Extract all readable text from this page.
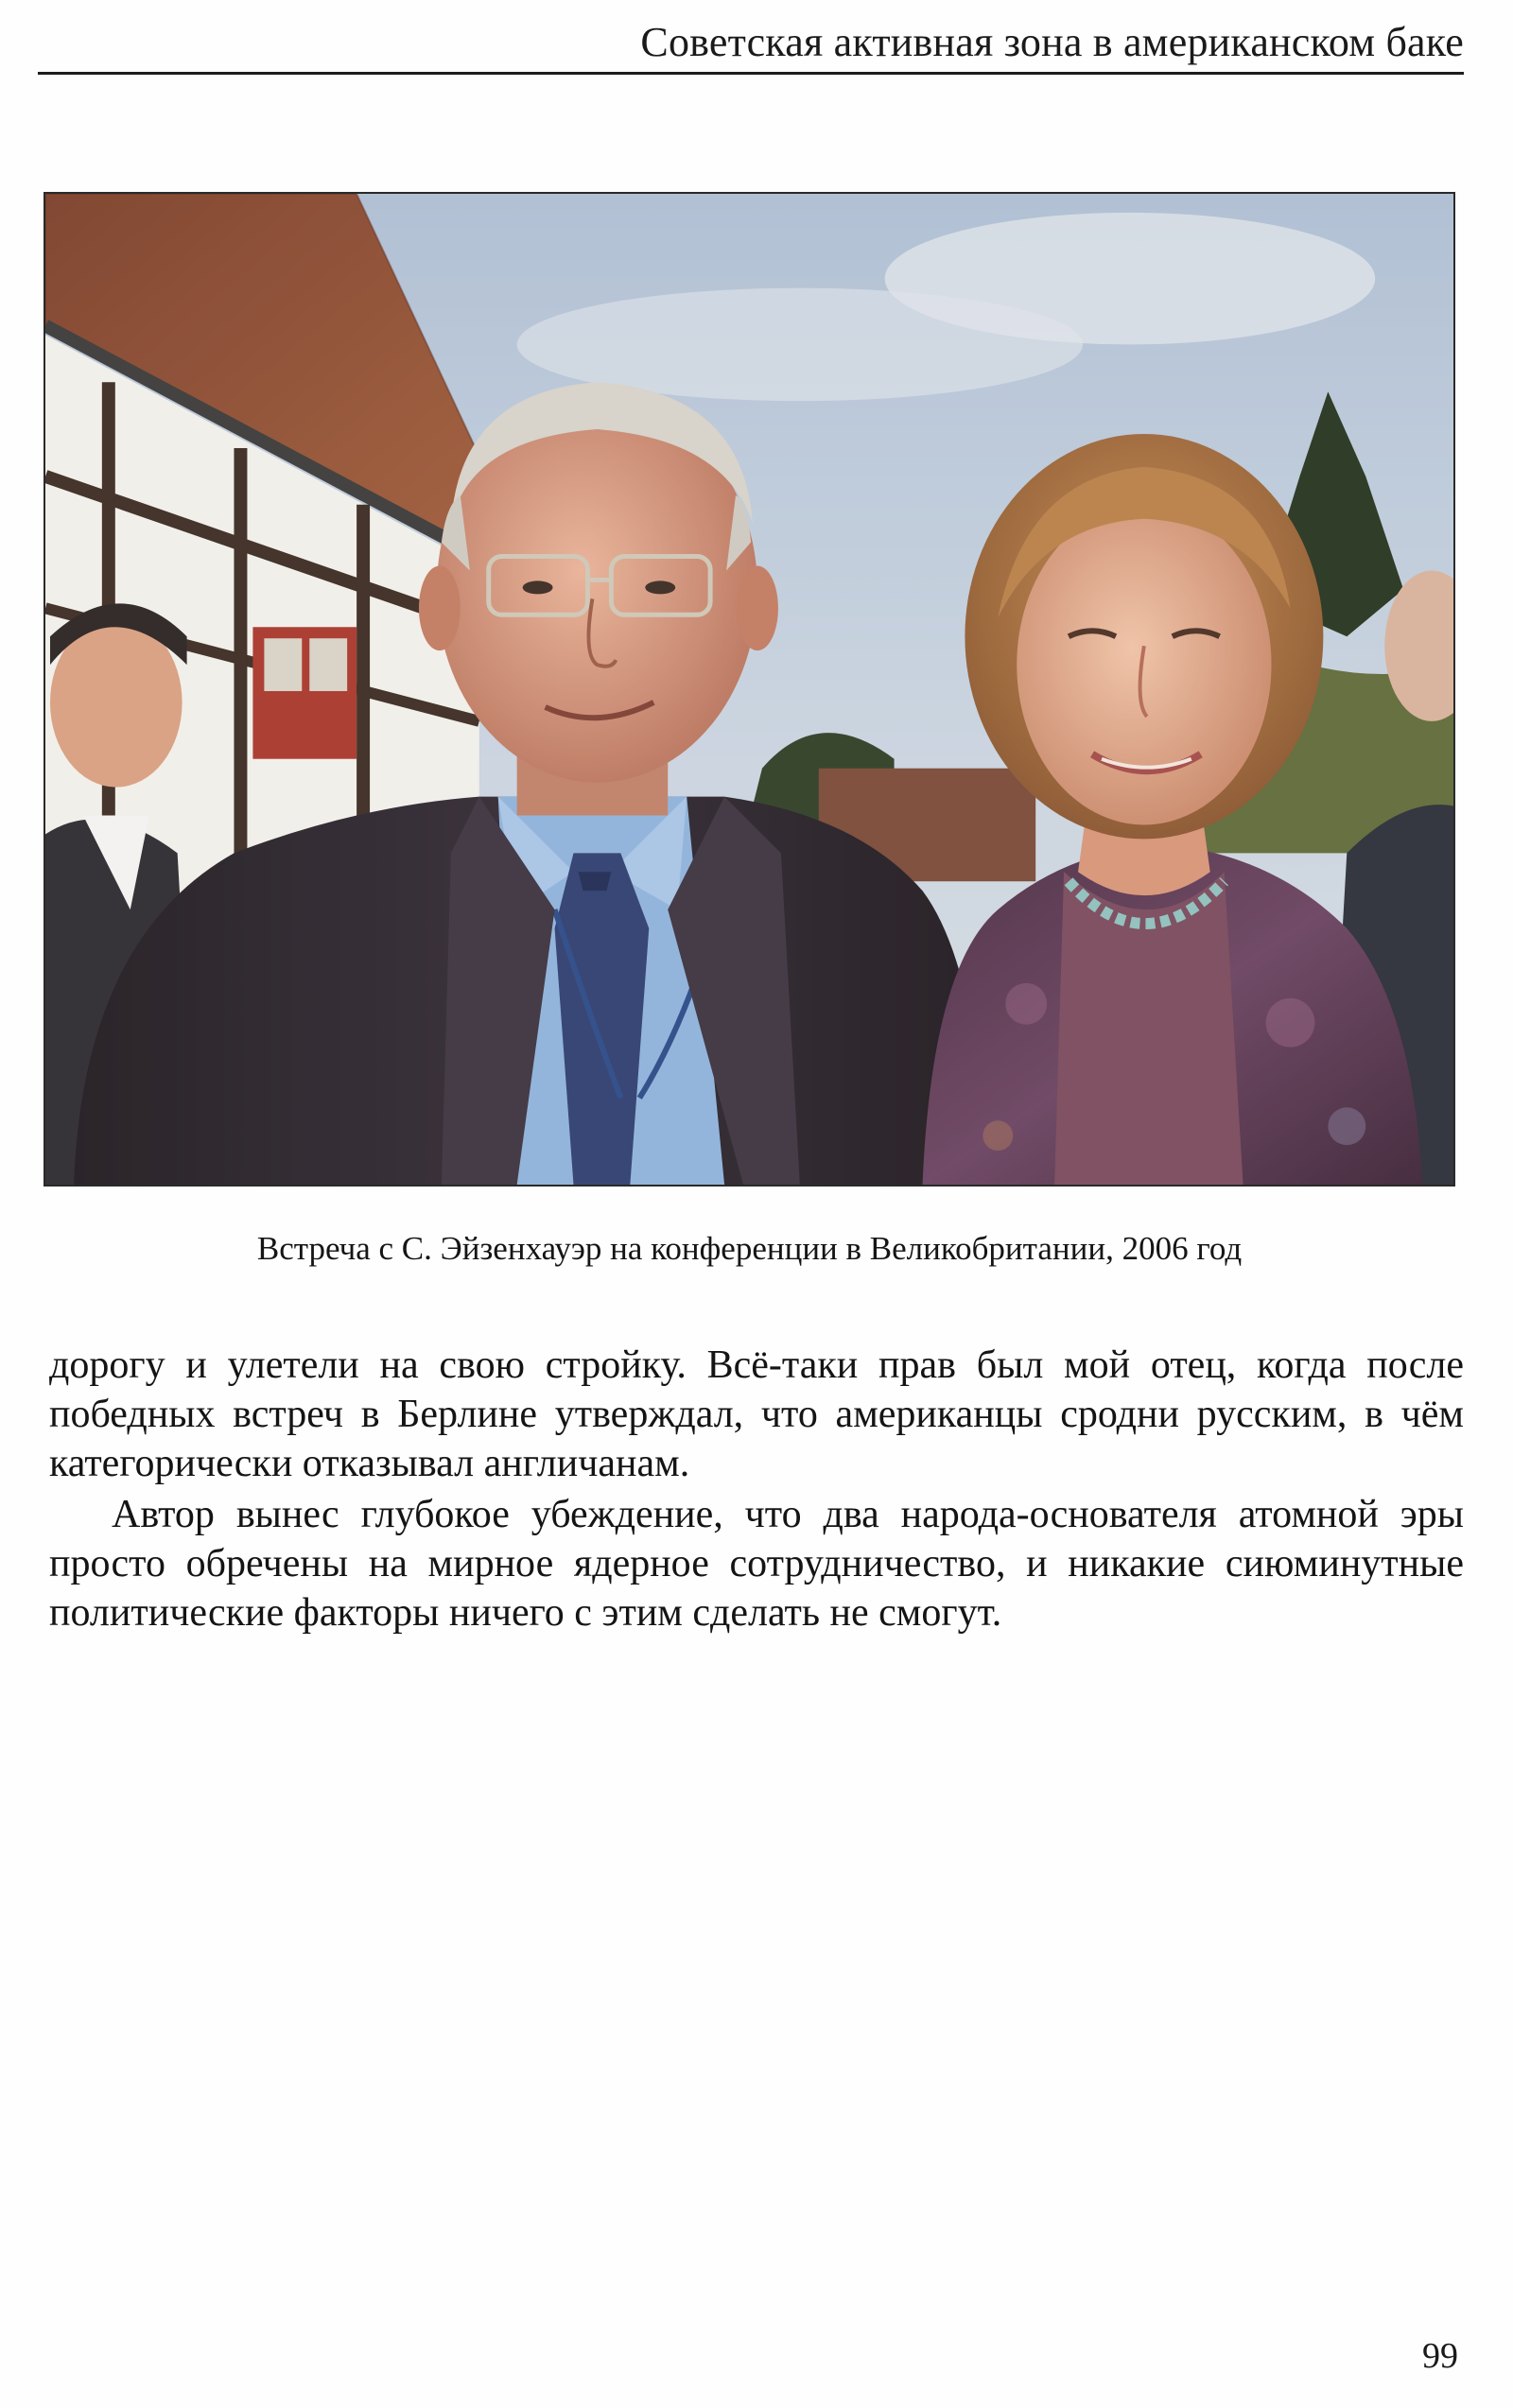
Советская активная зона в американском баке
Встреча с С. Эйзенхауэр на конференции в Великобритании, 2006 год

дорогу и улетели на свою стройку. Всё-таки прав был мой отец, когда после победных встреч в Берлине утверждал, что американцы сродни русским, в чём категорически отказывал англичанам.

Автор вынес глубокое убеждение, что два народа-основателя атомной эры просто обречены на мирное ядерное сотрудничество, и никакие сиюминутные политические факторы ничего с этим сделать не смогут.

99
